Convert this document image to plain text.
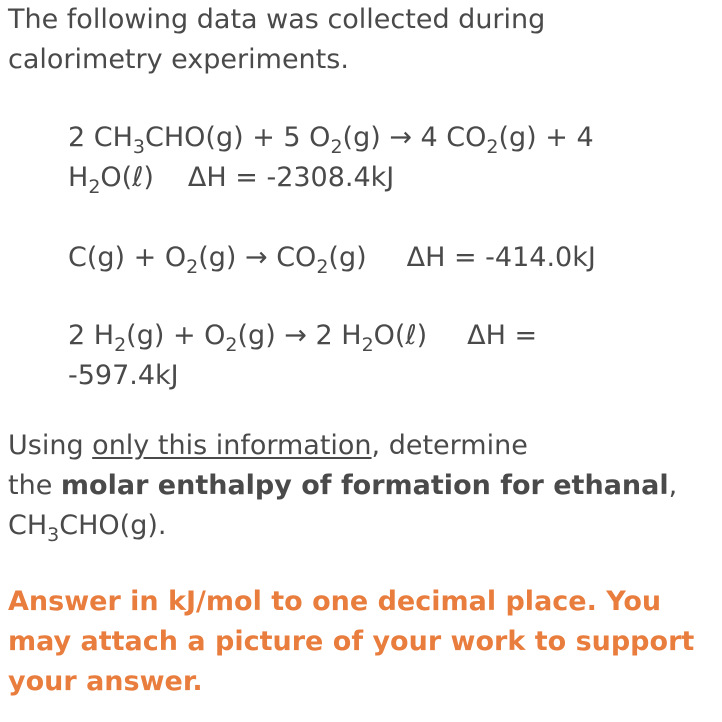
The following data was collected during
calorimetry experiments.

2 $CH_3CHO(g) + 5$ $O_2(g) \to 4$ $CO_2(g) + 4$
$H_2O(\ell) \Delta H = -2308.4kJ$

$C(g) + O_2(g) \to CO_2(g) \Delta H = -414.0kJ$

2 $H_2(g) + O_2(g) \to 2$ $H_2O(\ell) \Delta H$ =
-597.4kJ

Using only this information, determine
the molar enthalpy of formation for ethanal,
$CH_3CHO(g)$.

Answer in kJ/mol to one decimal place. You
may attach a picture of your work to support
your answer.
